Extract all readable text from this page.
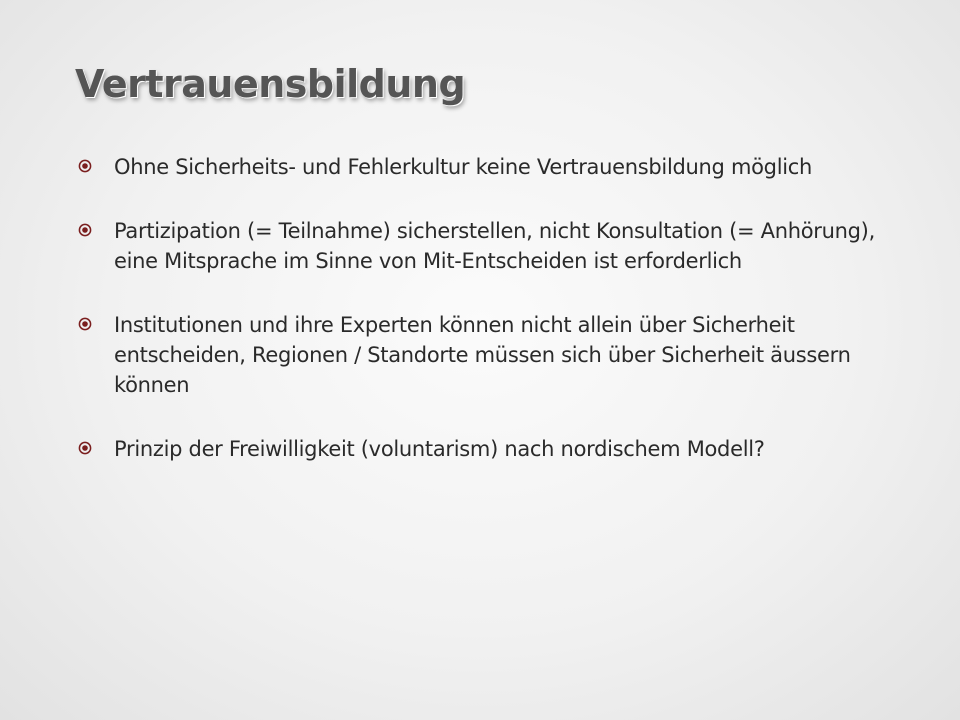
Vertrauensbildung
Ohne Sicherheits- und Fehlerkultur keine Vertrauensbildung möglich
Partizipation (= Teilnahme) sicherstellen, nicht Konsultation (= Anhörung), eine Mitsprache im Sinne von Mit-Entscheiden ist erforderlich
Institutionen und ihre Experten können nicht allein über Sicherheit entscheiden, Regionen / Standorte müssen sich über Sicherheit äussern können
Prinzip der Freiwilligkeit (voluntarism) nach nordischem Modell?
